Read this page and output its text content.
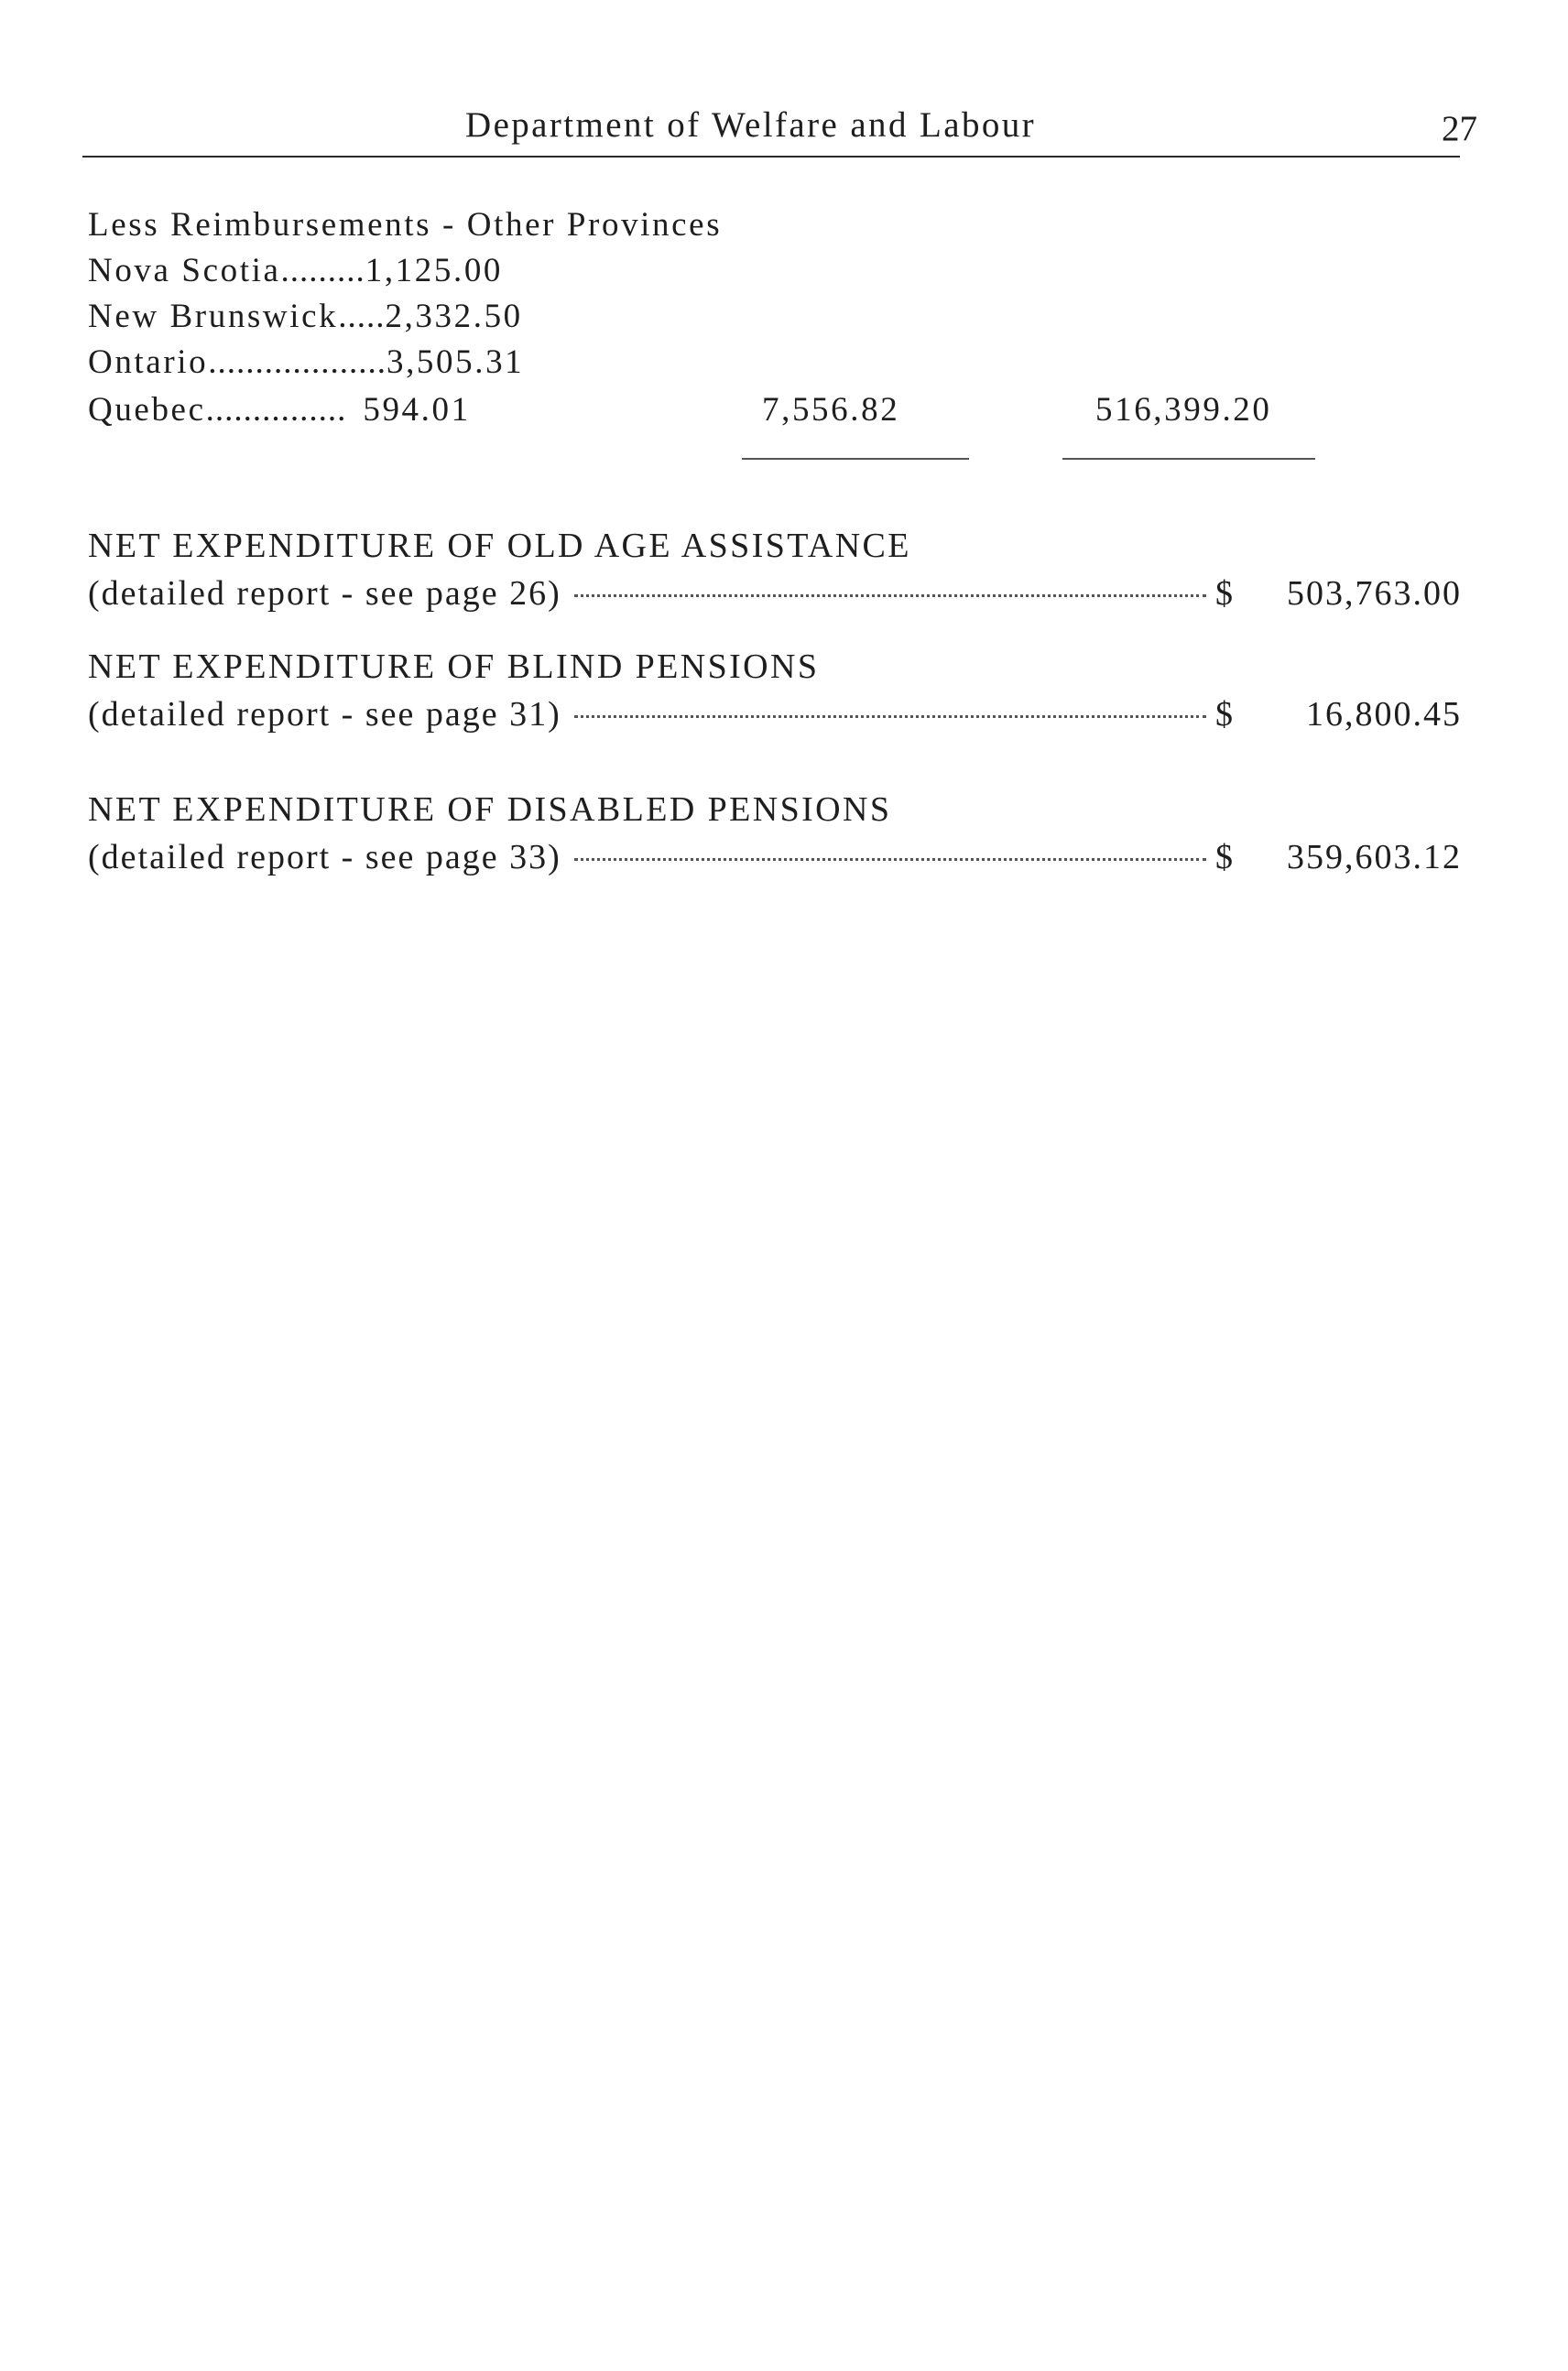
Department of Welfare and Labour	27
Less Reimbursements - Other Provinces
Nova Scotia.........1,125.00
New Brunswick.....2,332.50
Ontario...................3,505.31
Quebec............... 594.01	7,556.82	516,399.20
NET EXPENDITURE OF OLD AGE ASSISTANCE
(detailed report - see page 26)	$	503,763.00
NET EXPENDITURE OF BLIND PENSIONS
(detailed report - see page 31)	$	16,800.45
NET EXPENDITURE OF DISABLED PENSIONS
(detailed report - see page 33)	$	359,603.12
